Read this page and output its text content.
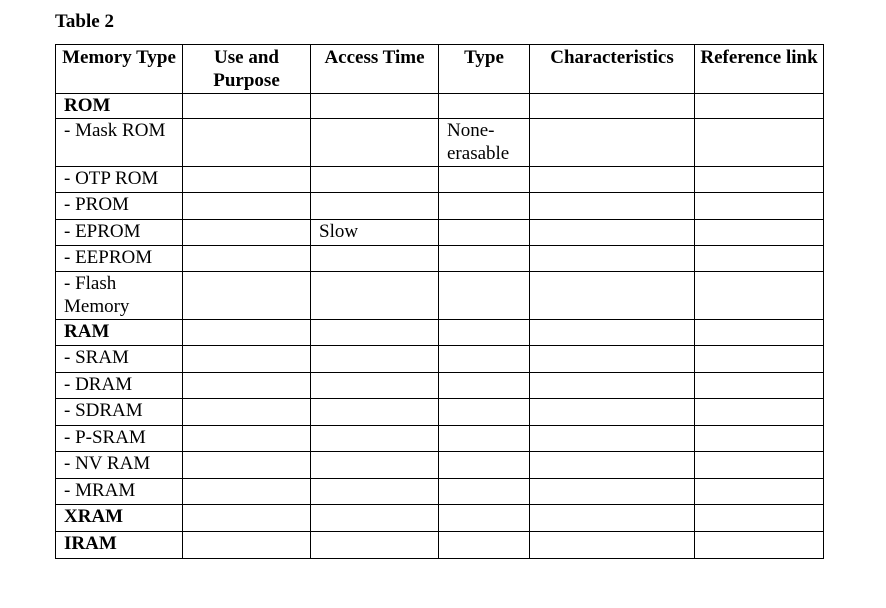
Table 2
Memory Type	Use and Purpose	Access Time	Type	Characteristics	Reference link
ROM					
- Mask ROM			None-erasable		
- OTP ROM					
- PROM					
- EPROM		Slow			
- EEPROM					
- Flash Memory					
RAM					
- SRAM					
- DRAM					
- SDRAM					
- P-SRAM					
- NV RAM					
- MRAM					
XRAM					
IRAM					
